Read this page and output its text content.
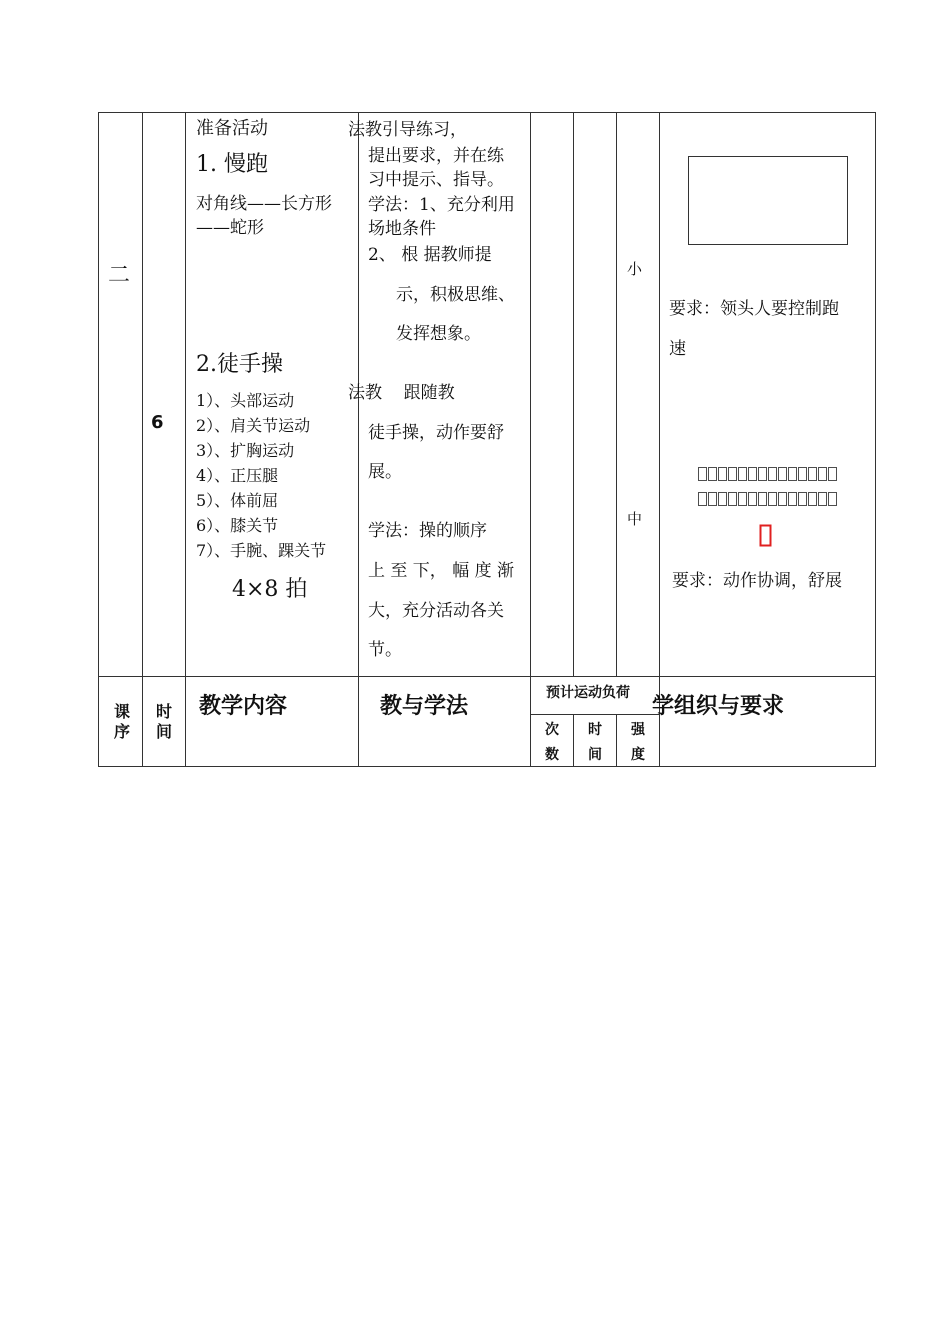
二
6
准备活动
1. 慢跑
对角线——长方形
——蛇形
2.徒手操
1）、头部运动
2）、肩关节运动
3）、扩胸运动
4）、正压腿
5）、体前屈
6）、膝关节
7）、手腕、踝关节
4×8 拍
法教引导练习，
提出要求，并在练
习中提示、指导。
学法：1、充分利用
场地条件
2、 根 据教师提
示，积极思维、
发挥想象。
法教    跟随教
徒手操，动作要舒
展。
学法：操的顺序
上 至 下， 幅 度 渐
大，充分活动各关
节。
小
中
要求：领头人要控制跑
速
要求：动作协调，舒展
课
序
时
间
教学内容	教与学法
预计运动负荷
次
数
时
间
强
度
学组织与要求
